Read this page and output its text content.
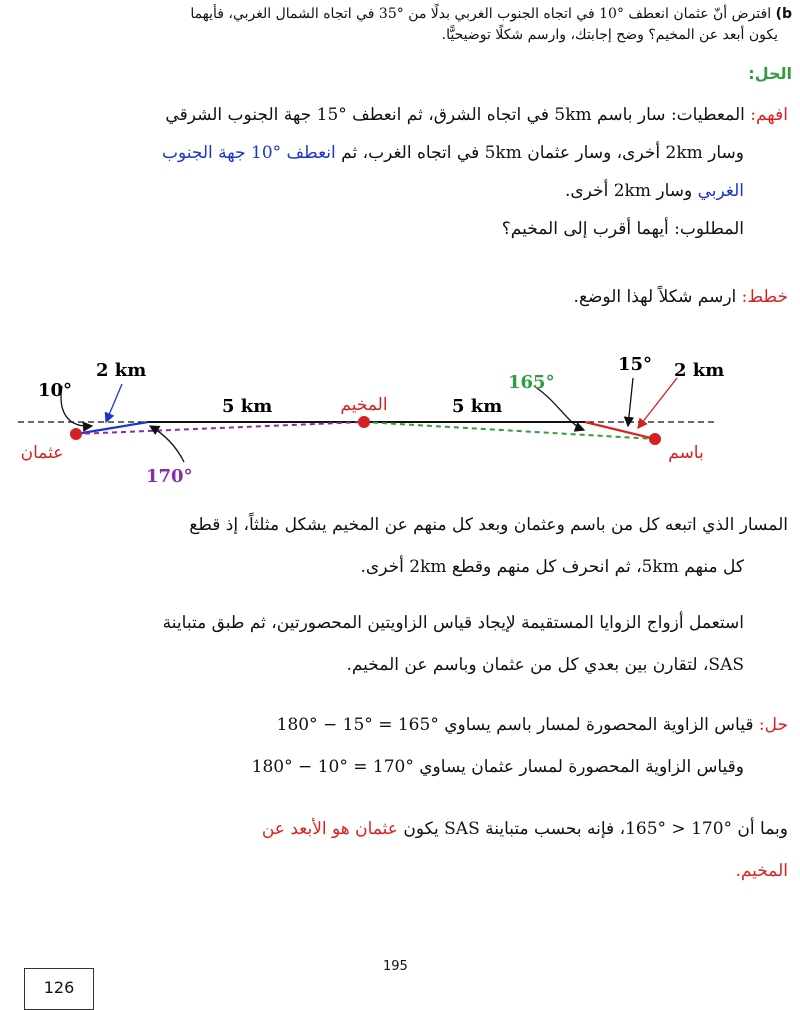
b) افترض أنّ عثمان انعطف °10 في اتجاه الجنوب الغربي بدلًا من °35 في اتجاه الشمال الغربي، فأيهما
يكون أبعد عن المخيم؟ وضح إجابتك، وارسم شكلًا توضيحيًّا.
الحل:
افهم: المعطيات: سار باسم 5km في اتجاه الشرق، ثم انعطف °15 جهة الجنوب الشرقي
وسار 2km أخرى، وسار عثمان 5km في اتجاه الغرب، ثم انعطف °10 جهة الجنوب
الغربي وسار 2km أخرى.
المطلوب: أيهما أقرب إلى المخيم؟
خطط: ارسم شكلاً لهذا الوضع.
10°
2 km
5 km
170°
المخيم	5 km
165°
15° 2 km
عثمان	باسم
المسار الذي اتبعه كل من باسم وعثمان وبعد كل منهم عن المخيم يشكل مثلثاً، إذ قطع
كل منهم 5km، ثم انحرف كل منهم وقطع 2km أخرى.
استعمل أزواج الزوايا المستقيمة لإيجاد قياس الزاويتين المحصورتين، ثم طبق متباينة
SAS، لتقارن بين بعدي كل من عثمان وباسم عن المخيم.
حل: قياس الزاوية المحصورة لمسار باسم يساوي °165 = °15 − °180
وقياس الزاوية المحصورة لمسار عثمان يساوي °170 = °10 − °180
وبما أن °170 < °165، فإنه بحسب متباينة SAS يكون عثمان هو الأبعد عن
المخيم.
195
126
